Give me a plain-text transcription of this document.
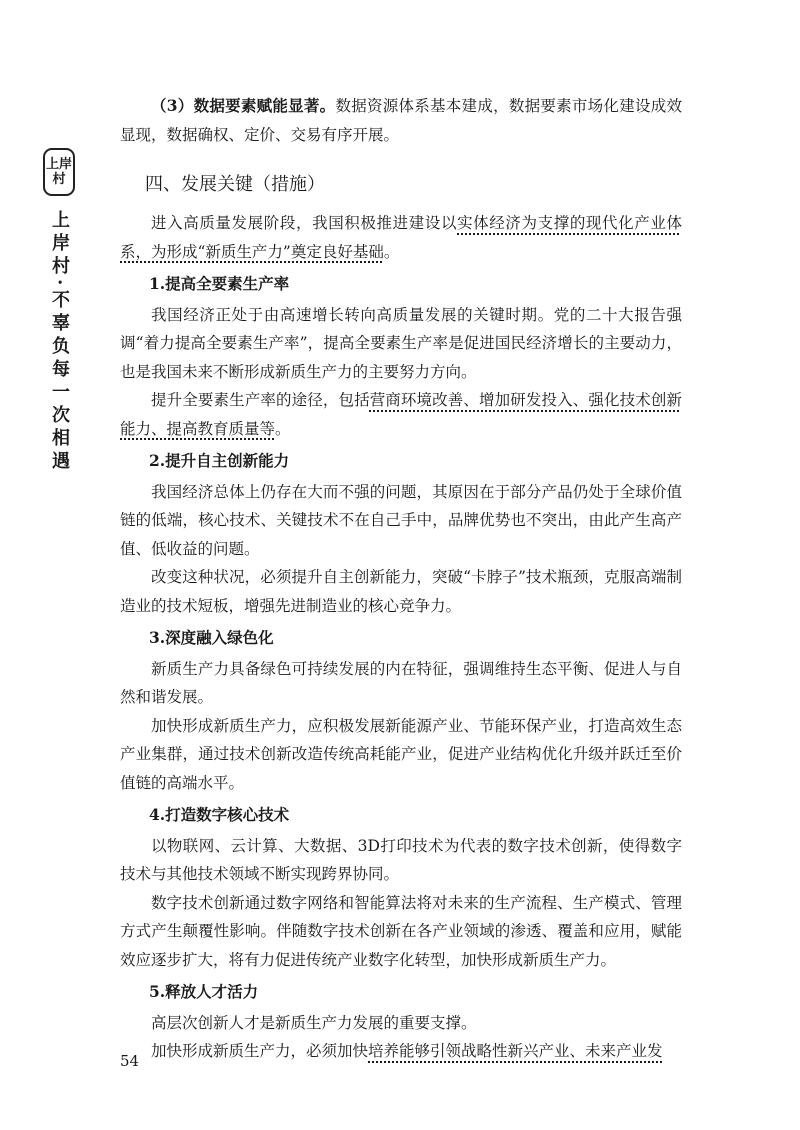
上岸
村
上岸村·不辜负每一次相遇

（3）数据要素赋能显著。数据资源体系基本建成，数据要素市场化建设成效显现，数据确权、定价、交易有序开展。

四、发展关键（措施）

进入高质量发展阶段，我国积极推进建设以实体经济为支撑的现代化产业体系，为形成“新质生产力”奠定良好基础。

1.提高全要素生产率

我国经济正处于由高速增长转向高质量发展的关键时期。党的二十大报告强调“着力提高全要素生产率”，提高全要素生产率是促进国民经济增长的主要动力，也是我国未来不断形成新质生产力的主要努力方向。

提升全要素生产率的途径，包括营商环境改善、增加研发投入、强化技术创新能力、提高教育质量等。

2.提升自主创新能力

我国经济总体上仍存在大而不强的问题，其原因在于部分产品仍处于全球价值链的低端，核心技术、关键技术不在自己手中，品牌优势也不突出，由此产生高产值、低收益的问题。

改变这种状况，必须提升自主创新能力，突破“卡脖子”技术瓶颈，克服高端制造业的技术短板，增强先进制造业的核心竞争力。

3.深度融入绿色化

新质生产力具备绿色可持续发展的内在特征，强调维持生态平衡、促进人与自然和谐发展。

加快形成新质生产力，应积极发展新能源产业、节能环保产业，打造高效生态产业集群，通过技术创新改造传统高耗能产业，促进产业结构优化升级并跃迁至价值链的高端水平。

4.打造数字核心技术

以物联网、云计算、大数据、3D打印技术为代表的数字技术创新，使得数字技术与其他技术领域不断实现跨界协同。

数字技术创新通过数字网络和智能算法将对未来的生产流程、生产模式、管理方式产生颠覆性影响。伴随数字技术创新在各产业领域的渗透、覆盖和应用，赋能效应逐步扩大，将有力促进传统产业数字化转型，加快形成新质生产力。

5.释放人才活力

高层次创新人才是新质生产力发展的重要支撑。

加快形成新质生产力，必须加快培养能够引领战略性新兴产业、未来产业发

54
